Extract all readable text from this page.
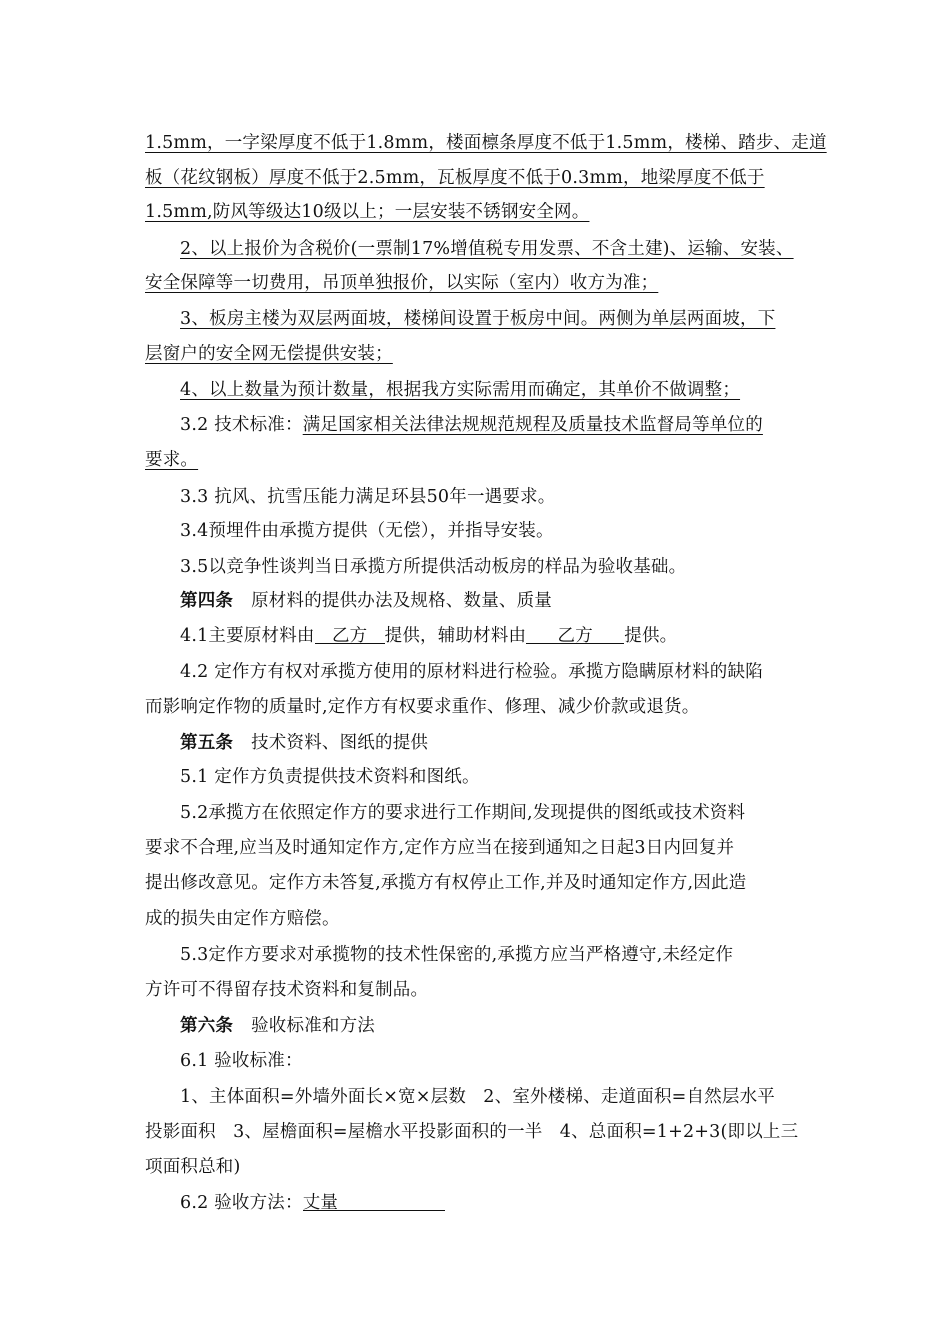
1.5mm，一字梁厚度不低于1.8mm，楼面檩条厚度不低于1.5mm，楼梯、踏步、走道
板（花纹钢板）厚度不低于2.5mm，瓦板厚度不低于0.3mm，地梁厚度不低于
1.5mm,防风等级达10级以上；一层安装不锈钢安全网。
2、以上报价为含税价(一票制17%增值税专用发票、不含土建)、运输、安装、
安全保障等一切费用，吊顶单独报价，以实际（室内）收方为准；
3、板房主楼为双层两面坡，楼梯间设置于板房中间。两侧为单层两面坡，下
层窗户的安全网无偿提供安装；
4、以上数量为预计数量，根据我方实际需用而确定，其单价不做调整；
3.2 技术标准：满足国家相关法律法规规范规程及质量技术监督局等单位的
要求。
3.3 抗风、抗雪压能力满足环县50年一遇要求。
3.4预埋件由承揽方提供（无偿），并指导安装。
3.5以竞争性谈判当日承揽方所提供活动板房的样品为验收基础。
第四条 原材料的提供办法及规格、数量、质量
4.1主要原材料由 乙方 提供，辅助材料由 乙方 提供。
4.2 定作方有权对承揽方使用的原材料进行检验。承揽方隐瞒原材料的缺陷
而影响定作物的质量时,定作方有权要求重作、修理、减少价款或退货。
第五条 技术资料、图纸的提供
5.1 定作方负责提供技术资料和图纸。
5.2承揽方在依照定作方的要求进行工作期间,发现提供的图纸或技术资料
要求不合理,应当及时通知定作方,定作方应当在接到通知之日起3日内回复并
提出修改意见。定作方未答复,承揽方有权停止工作,并及时通知定作方,因此造
成的损失由定作方赔偿。
5.3定作方要求对承揽物的技术性保密的,承揽方应当严格遵守,未经定作
方许可不得留存技术资料和复制品。
第六条 验收标准和方法
6.1 验收标准：
1、主体面积=外墙外面长×宽×层数   2、室外楼梯、走道面积=自然层水平
投影面积   3、屋檐面积=屋檐水平投影面积的一半   4、总面积=1+2+3(即以上三
项面积总和)
6.2 验收方法：丈量
